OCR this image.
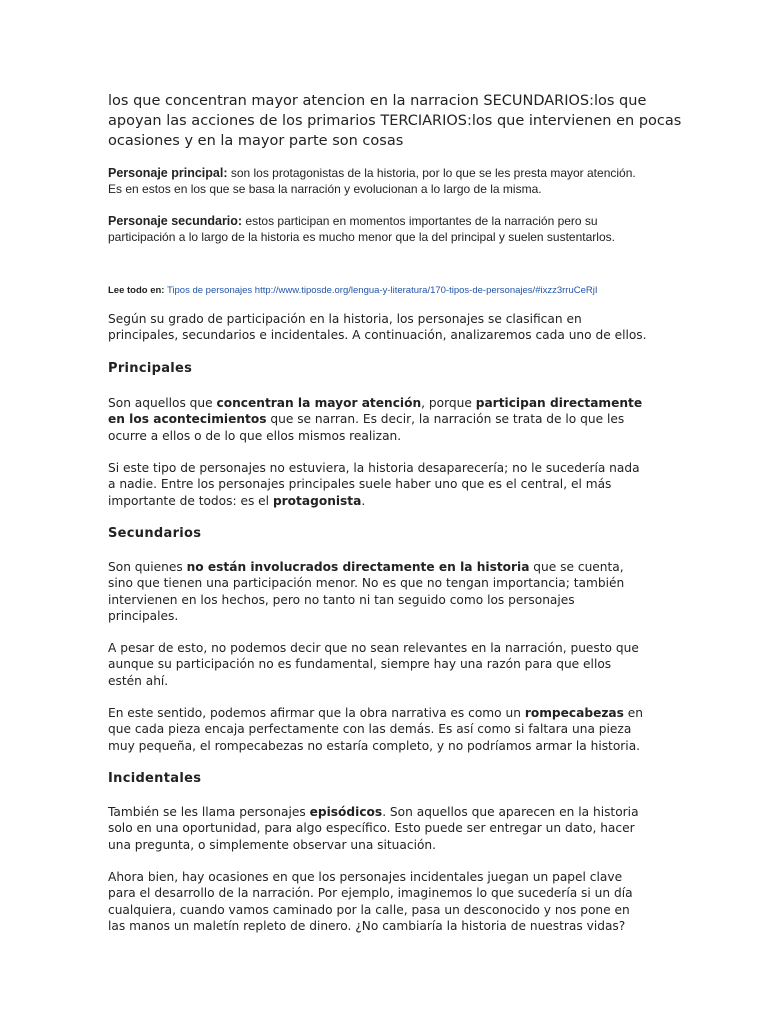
los que concentran mayor atencion en la narracion SECUNDARIOS:los que
apoyan las acciones de los primarios TERCIARIOS:los que intervienen en pocas
ocasiones y en la mayor parte son cosas
Personaje principal: son los protagonistas de la historia, por lo que se les presta mayor atención.
Es en estos en los que se basa la narración y evolucionan a lo largo de la misma.
Personaje secundario: estos participan en momentos importantes de la narración pero su
participación a lo largo de la historia es mucho menor que la del principal y suelen sustentarlos.
Lee todo en: Tipos de personajes http://www.tiposde.org/lengua-y-literatura/170-tipos-de-personajes/#ixzz3rruCeRjI
Según su grado de participación en la historia, los personajes se clasifican en
principales, secundarios e incidentales. A continuación, analizaremos cada uno de ellos.
Principales
Son aquellos que concentran la mayor atención, porque participan directamente
en los acontecimientos que se narran. Es decir, la narración se trata de lo que les
ocurre a ellos o de lo que ellos mismos realizan.
Si este tipo de personajes no estuviera, la historia desaparecería; no le sucedería nada
a nadie. Entre los personajes principales suele haber uno que es el central, el más
importante de todos: es el protagonista.
Secundarios
Son quienes no están involucrados directamente en la historia que se cuenta,
sino que tienen una participación menor. No es que no tengan importancia; también
intervienen en los hechos, pero no tanto ni tan seguido como los personajes
principales.
A pesar de esto, no podemos decir que no sean relevantes en la narración, puesto que
aunque su participación no es fundamental, siempre hay una razón para que ellos
estén ahí.
En este sentido, podemos afirmar que la obra narrativa es como un rompecabezas en
que cada pieza encaja perfectamente con las demás. Es así como si faltara una pieza
muy pequeña, el rompecabezas no estaría completo, y no podríamos armar la historia.
Incidentales
También se les llama personajes episódicos. Son aquellos que aparecen en la historia
solo en una oportunidad, para algo específico. Esto puede ser entregar un dato, hacer
una pregunta, o simplemente observar una situación.
Ahora bien, hay ocasiones en que los personajes incidentales juegan un papel clave
para el desarrollo de la narración. Por ejemplo, imaginemos lo que sucedería si un día
cualquiera, cuando vamos caminado por la calle, pasa un desconocido y nos pone en
las manos un maletín repleto de dinero. ¿No cambiaría la historia de nuestras vidas?
